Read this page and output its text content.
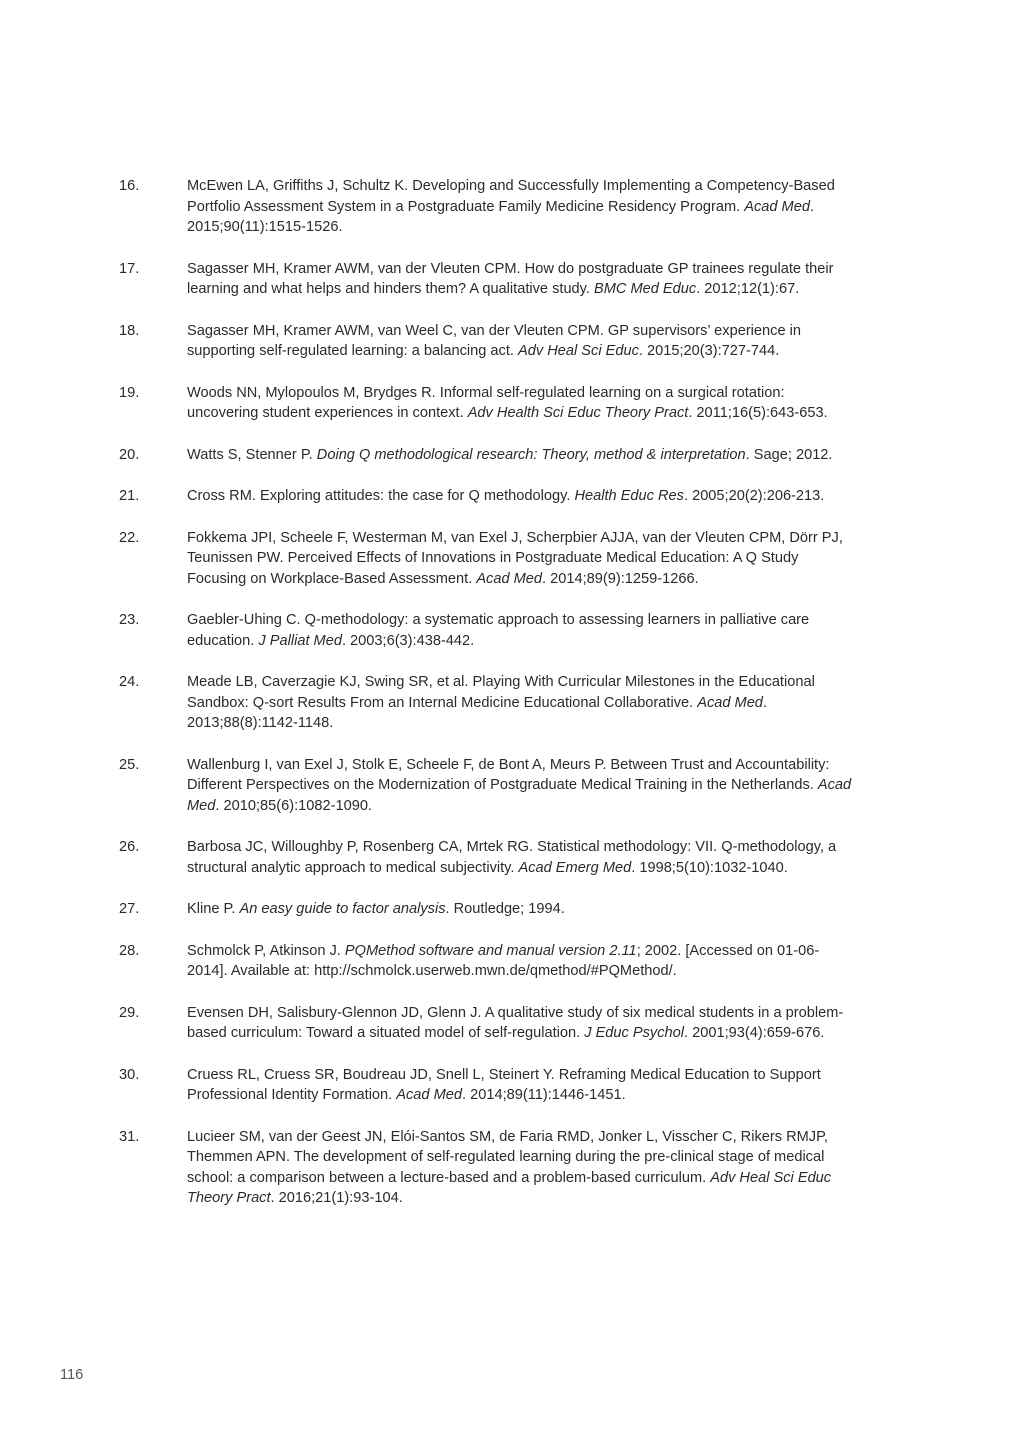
16.	McEwen LA, Griffiths J, Schultz K. Developing and Successfully Implementing a Competency-Based Portfolio Assessment System in a Postgraduate Family Medicine Residency Program. Acad Med. 2015;90(11):1515-1526.
17.	Sagasser MH, Kramer AWM, van der Vleuten CPM. How do postgraduate GP trainees regulate their learning and what helps and hinders them? A qualitative study. BMC Med Educ. 2012;12(1):67.
18.	Sagasser MH, Kramer AWM, van Weel C, van der Vleuten CPM. GP supervisors’ experience in supporting self-regulated learning: a balancing act. Adv Heal Sci Educ. 2015;20(3):727-744.
19.	Woods NN, Mylopoulos M, Brydges R. Informal self-regulated learning on a surgical rotation: uncovering student experiences in context. Adv Health Sci Educ Theory Pract. 2011;16(5):643-653.
20.	Watts S, Stenner P. Doing Q methodological research: Theory, method & interpretation. Sage; 2012.
21.	Cross RM. Exploring attitudes: the case for Q methodology. Health Educ Res. 2005;20(2):206-213.
22.	Fokkema JPI, Scheele F, Westerman M, van Exel J, Scherpbier AJJA, van der Vleuten CPM, Dörr PJ, Teunissen PW. Perceived Effects of Innovations in Postgraduate Medical Education: A Q Study Focusing on Workplace-Based Assessment. Acad Med. 2014;89(9):1259-1266.
23.	Gaebler-Uhing C. Q-methodology: a systematic approach to assessing learners in palliative care education. J Palliat Med. 2003;6(3):438-442.
24.	Meade LB, Caverzagie KJ, Swing SR, et al. Playing With Curricular Milestones in the Educational Sandbox: Q-sort Results From an Internal Medicine Educational Collaborative. Acad Med. 2013;88(8):1142-1148.
25.	Wallenburg I, van Exel J, Stolk E, Scheele F, de Bont A, Meurs P. Between Trust and Accountability: Different Perspectives on the Modernization of Postgraduate Medical Training in the Netherlands. Acad Med. 2010;85(6):1082-1090.
26.	Barbosa JC, Willoughby P, Rosenberg CA, Mrtek RG. Statistical methodology: VII. Q-methodology, a structural analytic approach to medical subjectivity. Acad Emerg Med. 1998;5(10):1032-1040.
27.	Kline P. An easy guide to factor analysis. Routledge; 1994.
28.	Schmolck P, Atkinson J. PQMethod software and manual version 2.11; 2002. [Accessed on 01-06-2014]. Available at: http://schmolck.userweb.mwn.de/qmethod/#PQMethod/.
29.	Evensen DH, Salisbury-Glennon JD, Glenn J. A qualitative study of six medical students in a problem-based curriculum: Toward a situated model of self-regulation. J Educ Psychol. 2001;93(4):659-676.
30.	Cruess RL, Cruess SR, Boudreau JD, Snell L, Steinert Y. Reframing Medical Education to Support Professional Identity Formation. Acad Med. 2014;89(11):1446-1451.
31.	Lucieer SM, van der Geest JN, Elói-Santos SM, de Faria RMD, Jonker L, Visscher C, Rikers RMJP, Themmen APN. The development of self-regulated learning during the pre-clinical stage of medical school: a comparison between a lecture-based and a problem-based curriculum. Adv Heal Sci Educ Theory Pract. 2016;21(1):93-104.
116
